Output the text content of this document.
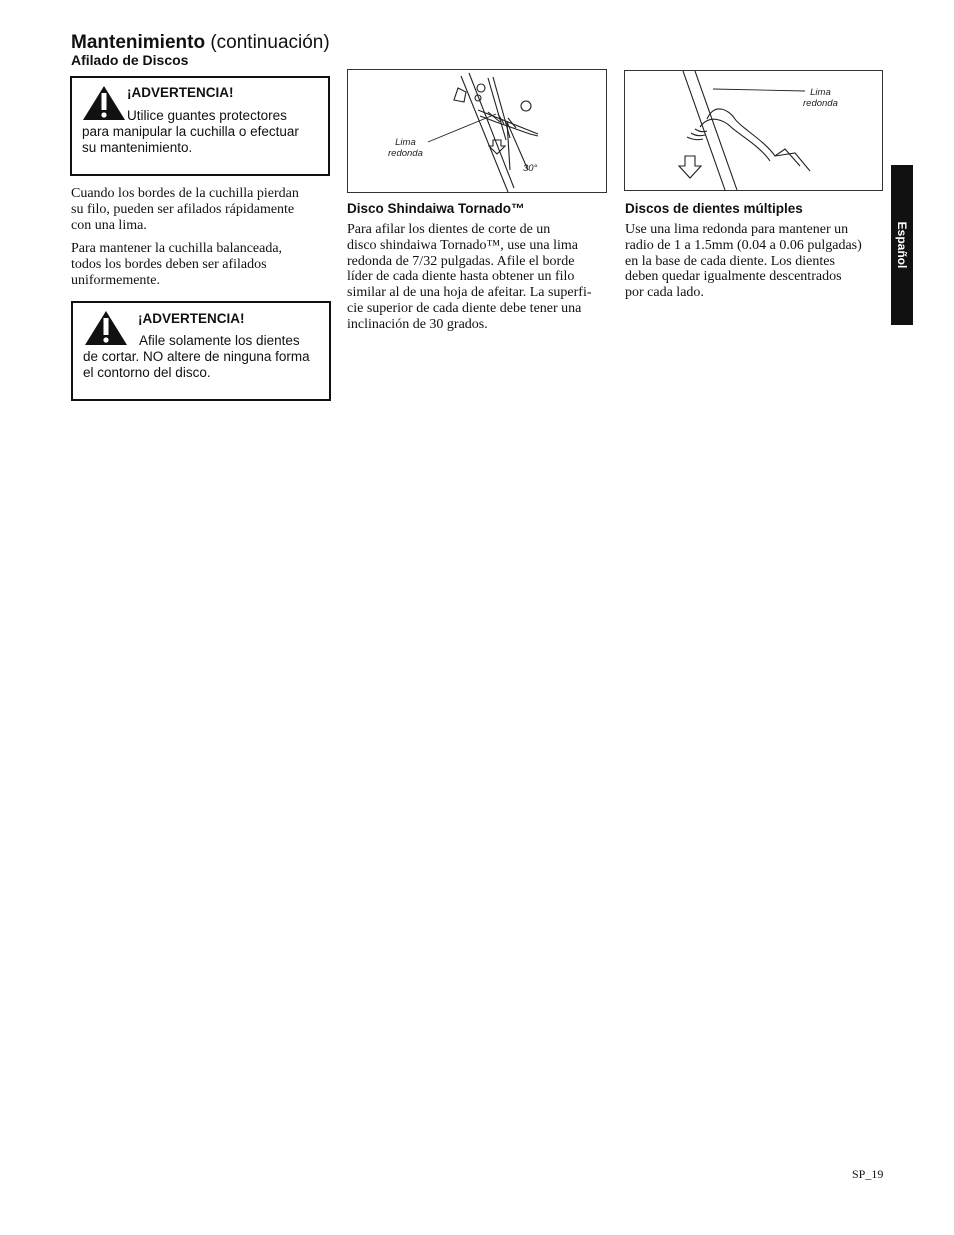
Mantenimiento (continuación)
Afilado de Discos
¡ADVERTENCIA!
Utilice guantes protectores
para manipular la cuchilla o efectuar
su mantenimiento.

Cuando los bordes de la cuchilla pierdan
su filo, pueden ser afilados rápidamente
con una lima.

Para mantener la cuchilla balanceada,
todos los bordes deben ser afilados
uniformemente.

¡ADVERTENCIA!
Afile solamente los dientes
de cortar. NO altere de ninguna forma
el contorno del disco.
Lima
redonda
30°
Lima
redonda
Disco Shindaiwa Tornado™

Para afilar los dientes de corte de un
disco shindaiwa Tornado™, use una lima
redonda de 7/32 pulgadas. Afile el borde
líder de cada diente hasta obtener un filo
similar al de una hoja de afeitar. La superfi-
cie superior de cada diente debe tener una
inclinación de 30 grados.

Discos de dientes múltiples

Use una lima redonda para mantener un
radio de 1 a 1.5mm (0.04 a 0.06 pulgadas)
en la base de cada diente. Los dientes
deben quedar igualmente descentrados
por cada lado.

Español
SP_19
